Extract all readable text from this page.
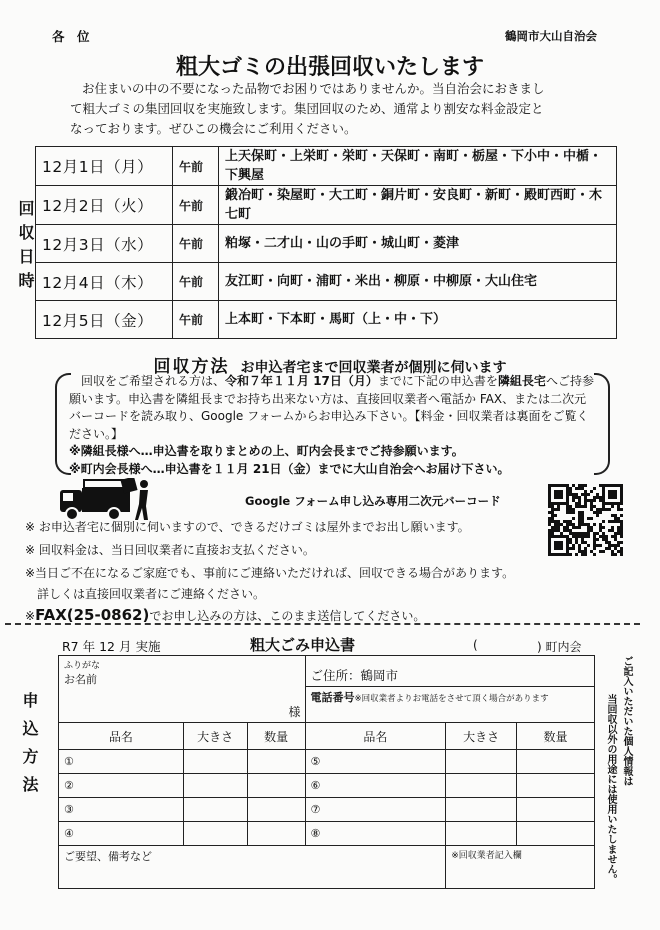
各　位	鶴岡市大山自治会
粗大ゴミの出張回収いたします
お住まいの中の不要になった品物でお困りではありませんか。当自治会におきまし
て粗大ゴミの集団回収を実施致します。集団回収のため、通常より割安な料金設定と
なっております。ぜひこの機会にご利用ください。
回収日時
12月1日（月）	午前	上天保町・上栄町・栄町・天保町・南町・栃屋・下小中・中楯・下興屋
12月2日（火）	午前	鍛冶町・染屋町・大工町・銅片町・安良町・新町・殿町西町・木七町
12月3日（水）	午前	粕塚・二才山・山の手町・城山町・菱津
12月4日（木）	午前	友江町・向町・浦町・米出・柳原・中柳原・大山住宅
12月5日（金）	午前	上本町・下本町・馬町（上・中・下）
回収方法 お申込者宅まで回収業者が個別に伺います
回収をご希望される方は、令和７年１１月 17日（月）までに下記の申込書を隣組長宅へご持参願います。申込書を隣組長までお持ち出来ない方は、直接回収業者へ電話か FAX、または二次元バーコードを読み取り、Google フォームからお申込み下さい。【料金・回収業者は裏面をご覧ください。】
※隣組長様へ…申込書を取りまとめの上、町内会長までご持参願います。
※町内会長様へ…申込書を１１月 21日（金）までに大山自治会へお届け下さい。
Google フォーム申し込み専用二次元バーコード
※ お申込者宅に個別に伺いますので、できるだけゴミは屋外までお出し願います。
※ 回収料金は、当日回収業者に直接お支払ください。
※当日ご不在になるご家庭でも、事前にご連絡いただければ、回収できる場合があります。
詳しくは直接回収業者にご連絡ください。
※FAX(25-0862)でお申し込みの方は、このまま送信してください。
申込方法
R7 年 12 月 実施	粗大ごみ申込書	(	) 町内会
ふりがな
お名前
様			ご住所：鶴岡市		
			電話番号※回収業者よりお電話をさせて頂く場合があります		
品名	大きさ	数量	品名	大きさ	数量
①			⑤		
②			⑥		
③			⑦		
④			⑧		
ご要望、備考など				※回収業者記入欄	
ご記入いただいた個人情報は
当回収以外の用途には使用いたしません。
